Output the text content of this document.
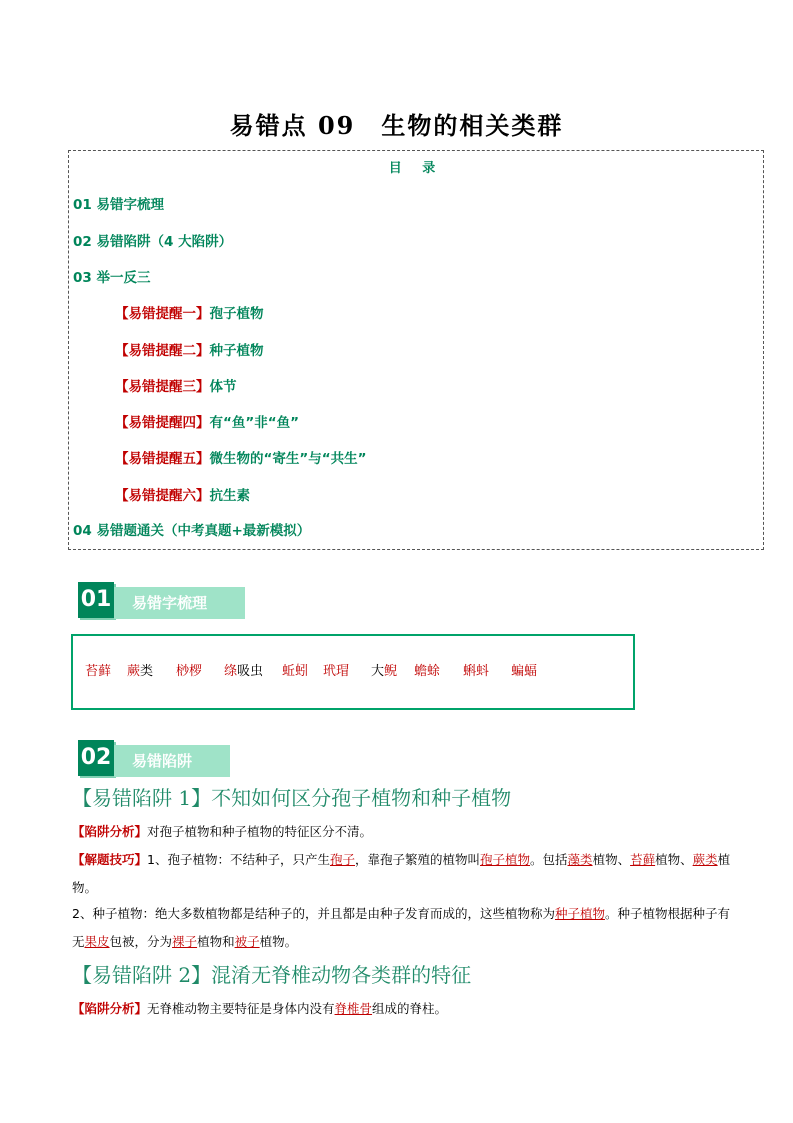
易错点 09　生物的相关类群
目 录
01 易错字梳理
02 易错陷阱（4 大陷阱）
03 举一反三
【易错提醒一】孢子植物
【易错提醒二】种子植物
【易错提醒三】体节
【易错提醒四】有“鱼”非“鱼”
【易错提醒五】微生物的“寄生”与“共生”
【易错提醒六】抗生素
04 易错题通关（中考真题+最新模拟）
01	易错字梳理
苔藓 蕨类 桫椤 绦吸虫 蚯蚓 玳瑁 大鲵 蟾蜍 蝌蚪 蝙蝠
02	易错陷阱
【易错陷阱 1】不知如何区分孢子植物和种子植物
【陷阱分析】对孢子植物和种子植物的特征区分不清。
【解题技巧】1、孢子植物：不结种子，只产生孢子，靠孢子繁殖的植物叫孢子植物。包括藻类植物、苔藓植物、蕨类植物。
2、种子植物：绝大多数植物都是结种子的，并且都是由种子发育而成的，这些植物称为种子植物。种子植物根据种子有无果皮包被，分为裸子植物和被子植物。
【易错陷阱 2】混淆无脊椎动物各类群的特征
【陷阱分析】无脊椎动物主要特征是身体内没有脊椎骨组成的脊柱。
